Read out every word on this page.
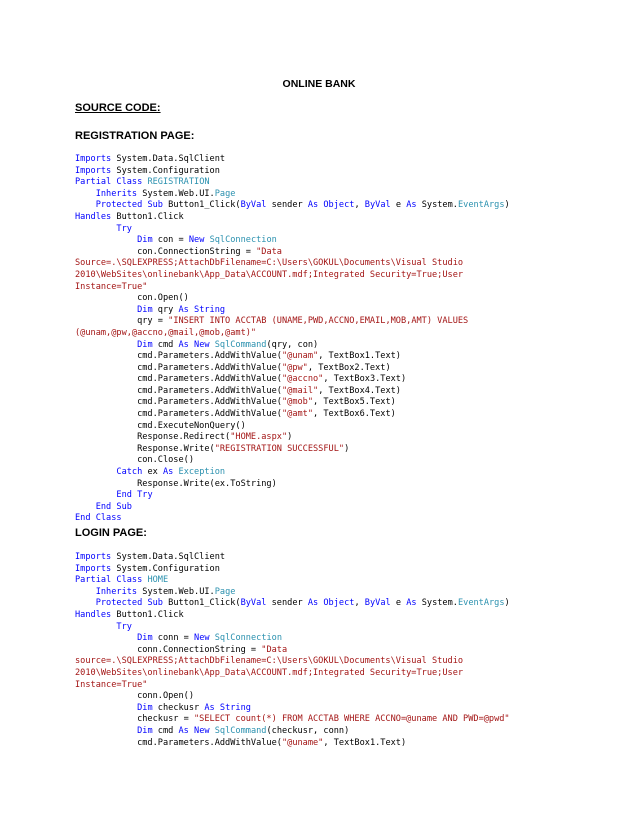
ONLINE BANK

SOURCE CODE:

REGISTRATION PAGE:

Imports System.Data.SqlClient
Imports System.Configuration
Partial Class REGISTRATION
Inherits System.Web.UI.Page
Protected Sub Button1_Click(ByVal sender As Object, ByVal e As System.EventArgs)
Handles Button1.Click
Try
Dim con = New SqlConnection
con.ConnectionString = "Data
Source=.\SQLEXPRESS;AttachDbFilename=C:\Users\GOKUL\Documents\Visual Studio
2010\WebSites\onlinebank\App_Data\ACCOUNT.mdf;Integrated Security=True;User
Instance=True"
con.Open()
Dim qry As String
qry = "INSERT INTO ACCTAB (UNAME,PWD,ACCNO,EMAIL,MOB,AMT) VALUES
(@unam,@pw,@accno,@mail,@mob,@amt)"
Dim cmd As New SqlCommand(qry, con)
cmd.Parameters.AddWithValue("@unam", TextBox1.Text)
cmd.Parameters.AddWithValue("@pw", TextBox2.Text)
cmd.Parameters.AddWithValue("@accno", TextBox3.Text)
cmd.Parameters.AddWithValue("@mail", TextBox4.Text)
cmd.Parameters.AddWithValue("@mob", TextBox5.Text)
cmd.Parameters.AddWithValue("@amt", TextBox6.Text)
cmd.ExecuteNonQuery()
Response.Redirect("HOME.aspx")
Response.Write("REGISTRATION SUCCESSFUL")
con.Close()
Catch ex As Exception
Response.Write(ex.ToString)
End Try
End Sub
End Class

LOGIN PAGE:

Imports System.Data.SqlClient
Imports System.Configuration
Partial Class HOME
Inherits System.Web.UI.Page
Protected Sub Button1_Click(ByVal sender As Object, ByVal e As System.EventArgs)
Handles Button1.Click
Try
Dim conn = New SqlConnection
conn.ConnectionString = "Data
source=.\SQLEXPRESS;AttachDbFilename=C:\Users\GOKUL\Documents\Visual Studio
2010\WebSites\onlinebank\App_Data\ACCOUNT.mdf;Integrated Security=True;User
Instance=True"
conn.Open()
Dim checkusr As String
checkusr = "SELECT count(*) FROM ACCTAB WHERE ACCNO=@uname AND PWD=@pwd"
Dim cmd As New SqlCommand(checkusr, conn)
cmd.Parameters.AddWithValue("@uname", TextBox1.Text)
